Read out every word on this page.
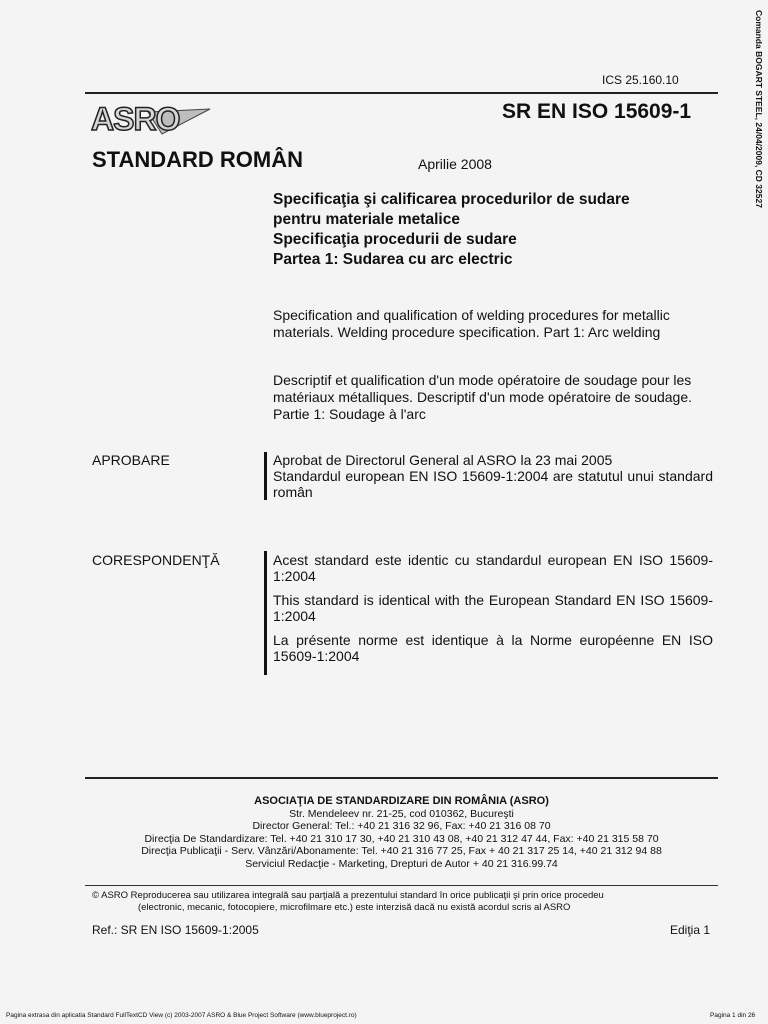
Comanda BOGART STEEL, 24/04/2009, CD 32527
ICS 25.160.10
ASRO	SR EN ISO 15609-1
STANDARD ROMÂN	Aprilie 2008
Specificaţia şi calificarea procedurilor de sudare
pentru materiale metalice
Specificaţia procedurii de sudare
Partea 1: Sudarea cu arc electric
Specification and qualification of welding procedures for metallic materials. Welding procedure specification. Part 1: Arc welding
Descriptif et qualification d'un mode opératoire de soudage pour les matériaux métalliques. Descriptif d'un mode opératoire de soudage. Partie 1: Soudage à l'arc
APROBARE	Aprobat de Directorul General al ASRO la 23 mai 2005
Standardul european EN ISO 15609-1:2004 are statutul unui standard român
CORESPONDENŢĂ	Acest standard este identic cu standardul european EN ISO 15609-1:2004
This standard is identical with the European Standard EN ISO 15609-1:2004
La présente norme est identique à la Norme européenne EN ISO 15609-1:2004
ASOCIAŢIA DE STANDARDIZARE DIN ROMÂNIA (ASRO)
Str. Mendeleev nr. 21-25, cod 010362, Bucureşti
Director General: Tel.: +40 21 316 32 96, Fax: +40 21 316 08 70
Direcţia De Standardizare: Tel. +40 21 310 17 30, +40 21 310 43 08, +40 21 312 47 44, Fax: +40 21 315 58 70
Direcţia Publicaţii - Serv. Vânzări/Abonamente: Tel. +40 21 316 77 25, Fax + 40 21 317 25 14, +40 21 312 94 88
Serviciul Redacţie - Marketing, Drepturi de Autor + 40 21 316.99.74
© ASRO Reproducerea sau utilizarea integrală sau parţială a prezentului standard în orice publicaţii şi prin orice procedeu
(electronic, mecanic, fotocopiere, microfilmare etc.) este interzisă dacă nu există acordul scris al ASRO
Ref.: SR EN ISO 15609-1:2005	Ediţia 1
Pagina extrasa din aplicatia Standard FullTextCD View (c) 2003-2007 ASRO & Blue Project Software (www.blueproject.ro)	Pagina 1 din 26
